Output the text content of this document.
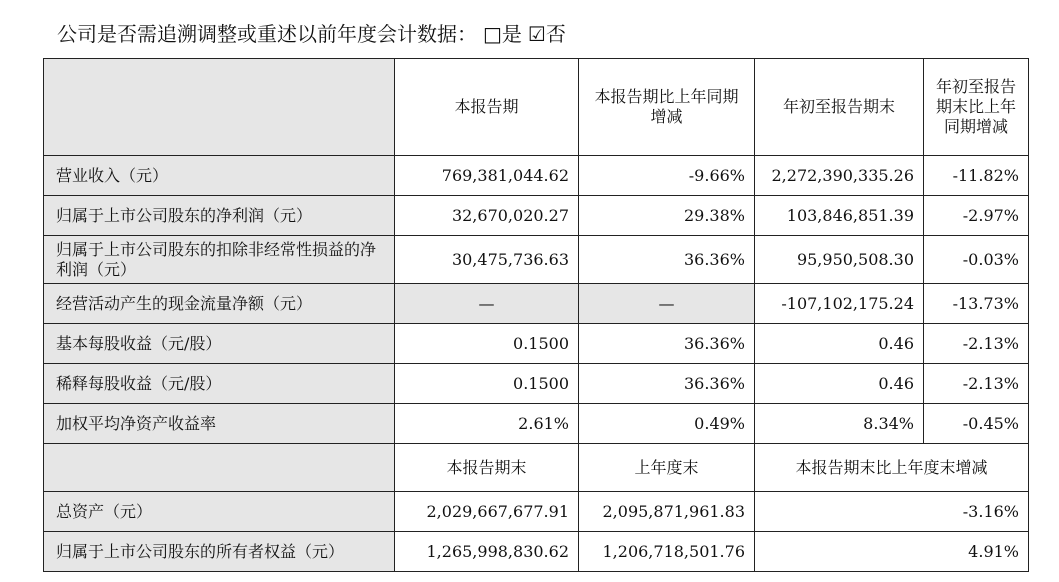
公司是否需追溯调整或重述以前年度会计数据： □是 ☑否
	本报告期	本报告期比上年同期增减	年初至报告期末	年初至报告期末比上年同期增减
营业收入（元）	769,381,044.62	-9.66%	2,272,390,335.26	-11.82%
归属于上市公司股东的净利润（元）	32,670,020.27	29.38%	103,846,851.39	-2.97%
归属于上市公司股东的扣除非经常性损益的净利润（元）	30,475,736.63	36.36%	95,950,508.30	-0.03%
经营活动产生的现金流量净额（元）	—	—	-107,102,175.24	-13.73%
基本每股收益（元/股）	0.1500	36.36%	0.46	-2.13%
稀释每股收益（元/股）	0.1500	36.36%	0.46	-2.13%
加权平均净资产收益率	2.61%	0.49%	8.34%	-0.45%
	本报告期末	上年度末	本报告期末比上年度末增减	
总资产（元）	2,029,667,677.91	2,095,871,961.83	-3.16%	
归属于上市公司股东的所有者权益（元）	1,265,998,830.62	1,206,718,501.76	4.91%	
